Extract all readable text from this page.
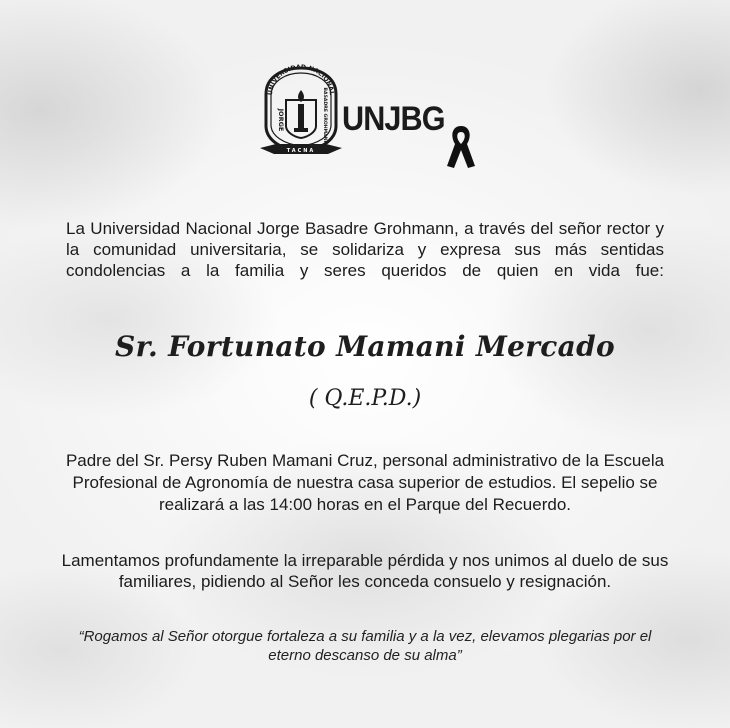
UNIVERSIDAD NACIONAL
JORGE	BASADRE GROHMANN
TACNA
UNJBG

La Universidad Nacional Jorge Basadre Grohmann, a través del señor rector y la comunidad universitaria, se solidariza y expresa sus más sentidas condolencias a la familia y seres queridos de quien en vida fue:

Sr. Fortunato Mamani Mercado
( Q.E.P.D.)

Padre del Sr. Persy Ruben Mamani Cruz, personal administrativo de la Escuela Profesional de Agronomía de nuestra casa superior de estudios. El sepelio se realizará a las 14:00 horas en el Parque del Recuerdo.

Lamentamos profundamente la irreparable pérdida y nos unimos al duelo de sus familiares, pidiendo al Señor les conceda consuelo y resignación.

“Rogamos al Señor otorgue fortaleza a su familia y a la vez, elevamos plegarias por el eterno descanso de su alma”
